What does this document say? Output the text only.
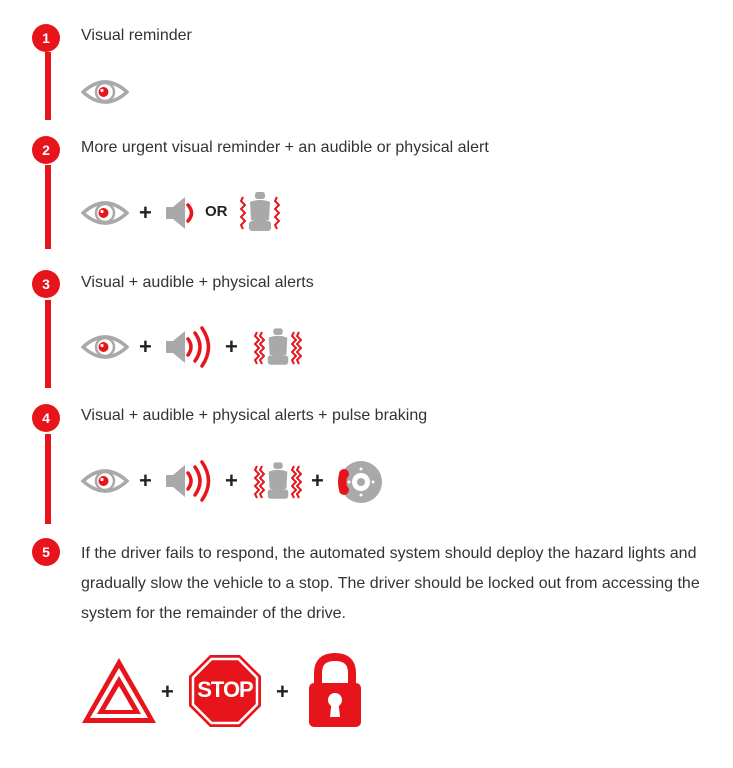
1
2
3
4
5
Visual reminder
More urgent visual reminder + an audible or physical alert
Visual + audible + physical alerts
Visual + audible + physical alerts + pulse braking
If the driver fails to respond, the automated system should deploy the hazard lights and gradually slow the vehicle to a stop. The driver should be locked out from accessing the system for the remainder of the drive.
+	OR
+	+
+	+	+
+	STOP	+
